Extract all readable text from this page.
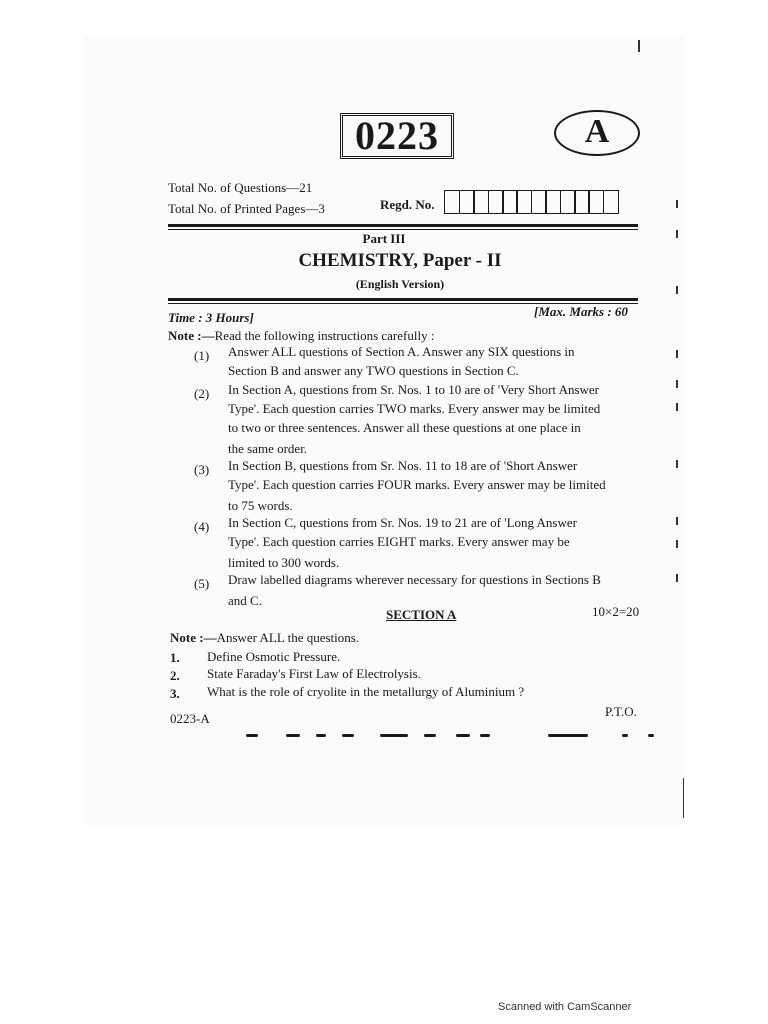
0223	A
Total No. of Questions—21
Total No. of Printed Pages—3	Regd. No.
Part III
CHEMISTRY, Paper - II
(English Version)
Time : 3 Hours]	[Max. Marks : 60
Note :—Read the following instructions carefully :
(1) Answer ALL questions of Section A. Answer any SIX questions in
Section B and answer any TWO questions in Section C.
(2) In Section A, questions from Sr. Nos. 1 to 10 are of 'Very Short Answer
Type'. Each question carries TWO marks. Every answer may be limited
to two or three sentences. Answer all these questions at one place in
the same order.
(3) In Section B, questions from Sr. Nos. 11 to 18 are of 'Short Answer
Type'. Each question carries FOUR marks. Every answer may be limited
to 75 words.
(4) In Section C, questions from Sr. Nos. 19 to 21 are of 'Long Answer
Type'. Each question carries EIGHT marks. Every answer may be
limited to 300 words.
(5) Draw labelled diagrams wherever necessary for questions in Sections B
and C.
SECTION A	10×2=20
Note :—Answer ALL the questions.
1. Define Osmotic Pressure.
2. State Faraday's First Law of Electrolysis.
3. What is the role of cryolite in the metallurgy of Aluminium ?
0223-A	P.T.O.
Scanned with CamScanner
